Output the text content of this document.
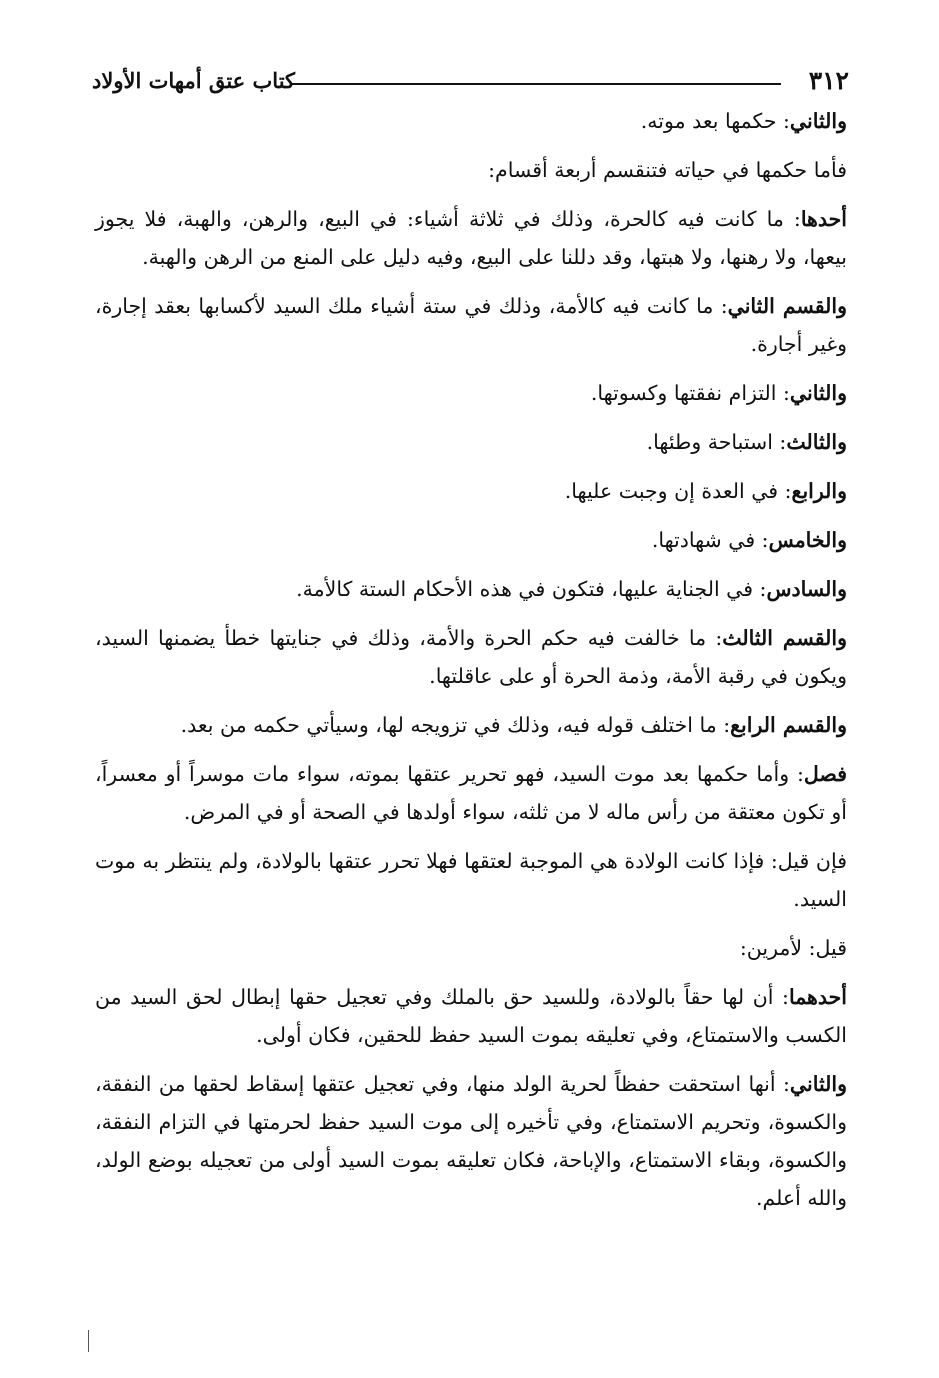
٣١٢
كتاب عتق أمهات الأولاد

والثاني: حكمها بعد موته.

فأما حكمها في حياته فتنقسم أربعة أقسام:

أحدها: ما كانت فيه كالحرة، وذلك في ثلاثة أشياء: في البيع، والرهن، والهبة، فلا يجوز بيعها، ولا رهنها، ولا هبتها، وقد دللنا على البيع، وفيه دليل على المنع من الرهن والهبة.

والقسم الثاني: ما كانت فيه كالأمة، وذلك في ستة أشياء ملك السيد لأكسابها بعقد إجارة، وغير أجارة.

والثاني: التزام نفقتها وكسوتها.

والثالث: استباحة وطئها.

والرابع: في العدة إن وجبت عليها.

والخامس: في شهادتها.

والسادس: في الجناية عليها، فتكون في هذه الأحكام الستة كالأمة.

والقسم الثالث: ما خالفت فيه حكم الحرة والأمة، وذلك في جنايتها خطأ يضمنها السيد، ويكون في رقبة الأمة، وذمة الحرة أو على عاقلتها.

والقسم الرابع: ما اختلف قوله فيه، وذلك في تزويجه لها، وسيأتي حكمه من بعد.

فصل: وأما حكمها بعد موت السيد، فهو تحرير عتقها بموته، سواء مات موسراً أو معسراً، أو تكون معتقة من رأس ماله لا من ثلثه، سواء أولدها في الصحة أو في المرض.

فإن قيل: فإذا كانت الولادة هي الموجبة لعتقها فهلا تحرر عتقها بالولادة، ولم ينتظر به موت السيد.

قيل: لأمرين:

أحدهما: أن لها حقاً بالولادة، وللسيد حق بالملك وفي تعجيل حقها إبطال لحق السيد من الكسب والاستمتاع، وفي تعليقه بموت السيد حفظ للحقين، فكان أولى.

والثاني: أنها استحقت حفظاً لحرية الولد منها، وفي تعجيل عتقها إسقاط لحقها من النفقة، والكسوة، وتحريم الاستمتاع، وفي تأخيره إلى موت السيد حفظ لحرمتها في التزام النفقة، والكسوة، وبقاء الاستمتاع، والإباحة، فكان تعليقه بموت السيد أولى من تعجيله بوضع الولد، والله أعلم.
